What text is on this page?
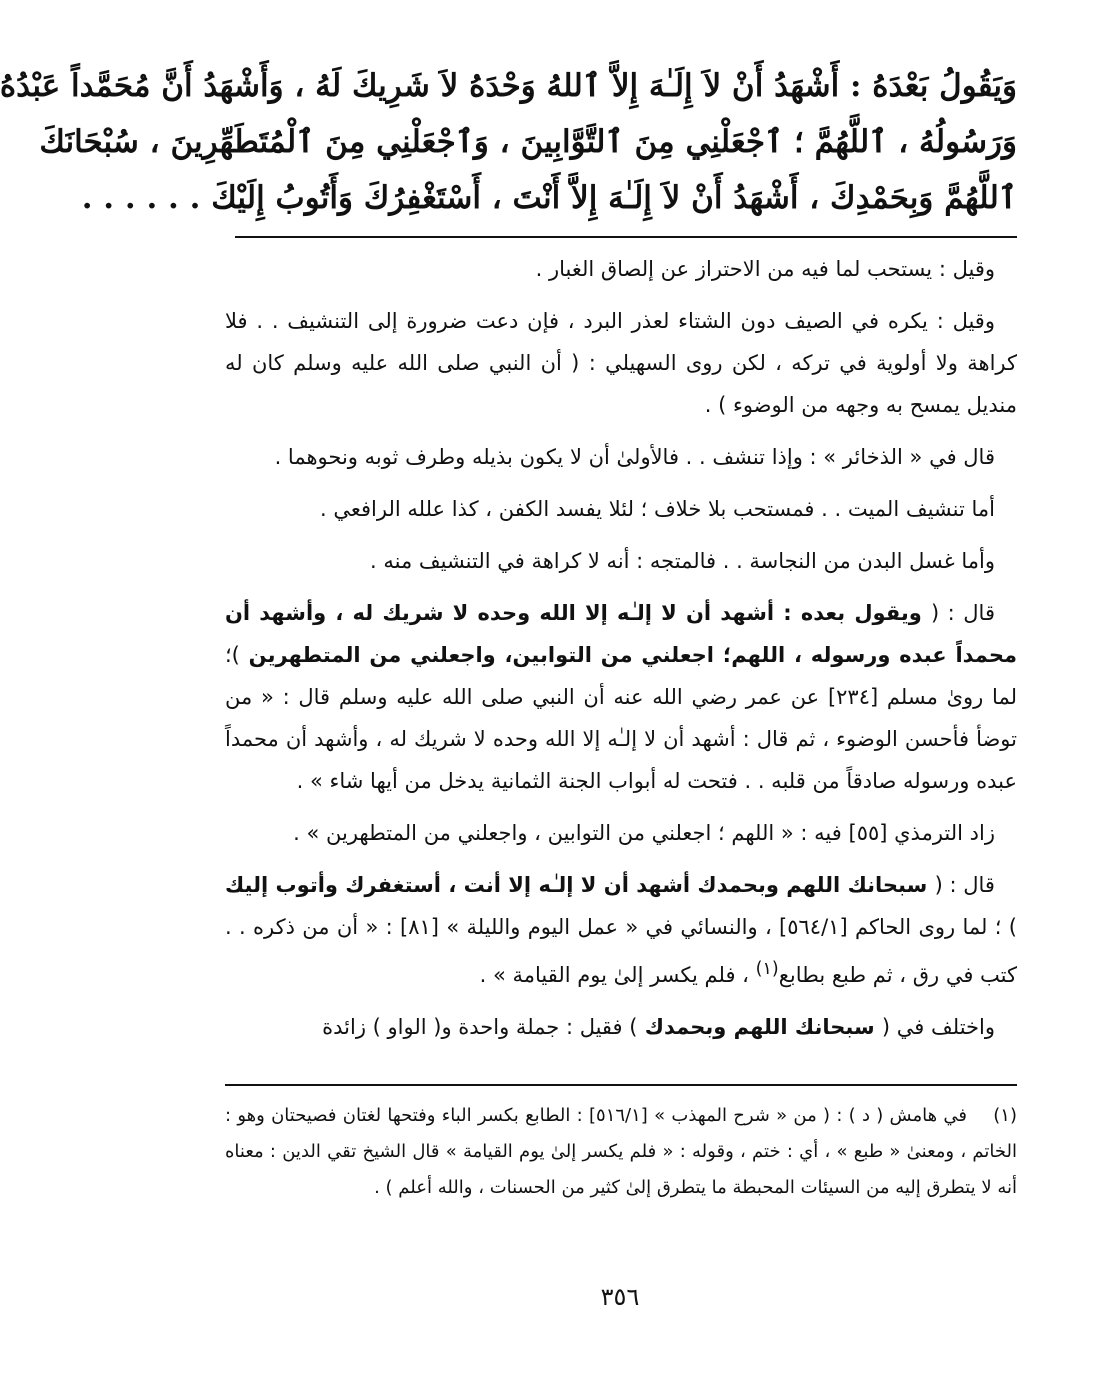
وَيَقُولُ بَعْدَهُ : أَشْهَدُ أَنْ لاَ إِلَـٰهَ إِلاَّ ٱللهُ وَحْدَهُ لاَ شَرِيكَ لَهُ ، وَأَشْهَدُ أَنَّ مُحَمَّداً عَبْدُهُ
وَرَسُولُهُ ، ٱللَّهُمَّ ؛ ٱجْعَلْنِي مِنَ ٱلتَّوَّابِينَ ، وَٱجْعَلْنِي مِنَ ٱلْمُتَطَهِّرِينَ ، سُبْحَانَكَ
ٱللَّهُمَّ وَبِحَمْدِكَ ، أَشْهَدُ أَنْ لاَ إِلَـٰهَ إِلاَّ أَنْتَ ، أَسْتَغْفِرُكَ وَأَتُوبُ إِلَيْكَ . . . . . .

وقيل : يستحب لما فيه من الاحتراز عن إلصاق الغبار .

وقيل : يكره في الصيف دون الشتاء لعذر البرد ، فإن دعت ضرورة إلى التنشيف . . فلا كراهة ولا أولوية في تركه ، لكن روى السهيلي : ( أن النبي صلى الله عليه وسلم كان له منديل يمسح به وجهه من الوضوء ) .

قال في « الذخائر » : وإذا تنشف . . فالأولىٰ أن لا يكون بذيله وطرف ثوبه ونحوهما .

أما تنشيف الميت . . فمستحب بلا خلاف ؛ لئلا يفسد الكفن ، كذا علله الرافعي .

وأما غسل البدن من النجاسة . . فالمتجه : أنه لا كراهة في التنشيف منه .

قال : ( ويقول بعده : أشهد أن لا إلـٰه إلا الله وحده لا شريك له ، وأشهد أن محمداً عبده ورسوله ، اللهم؛ اجعلني من التوابين، واجعلني من المتطهرين )؛ لما روىٰ مسلم [٢٣٤] عن عمر رضي الله عنه أن النبي صلى الله عليه وسلم قال : « من توضأ فأحسن الوضوء ، ثم قال : أشهد أن لا إلـٰه إلا الله وحده لا شريك له ، وأشهد أن محمداً عبده ورسوله صادقاً من قلبه . . فتحت له أبواب الجنة الثمانية يدخل من أيها شاء » .

زاد الترمذي [٥٥] فيه : « اللهم ؛ اجعلني من التوابين ، واجعلني من المتطهرين » .

قال : ( سبحانك اللهم وبحمدك أشهد أن لا إلـٰه إلا أنت ، أستغفرك وأتوب إليك ) ؛ لما روى الحاكم [٥٦٤/١] ، والنسائي في « عمل اليوم والليلة » [٨١] : « أن من ذكره . . كتب في رق ، ثم طبع بطابع$^{(١)}$ ، فلم يكسر إلىٰ يوم القيامة » .

واختلف في ( سبحانك اللهم وبحمدك ) فقيل : جملة واحدة و( الواو ) زائدة

(١)في هامش ( د ) : ( من « شرح المهذب » [٥١٦/١] : الطابع بكسر الباء وفتحها لغتان فصيحتان وهو : الخاتم ، ومعنىٰ « طبع » ، أي : ختم ، وقوله : « فلم يكسر إلىٰ يوم القيامة » قال الشيخ تقي الدين : معناه أنه لا يتطرق إليه من السيئات المحبطة ما يتطرق إلىٰ كثير من الحسنات ، والله أعلم ) .
٣٥٦
